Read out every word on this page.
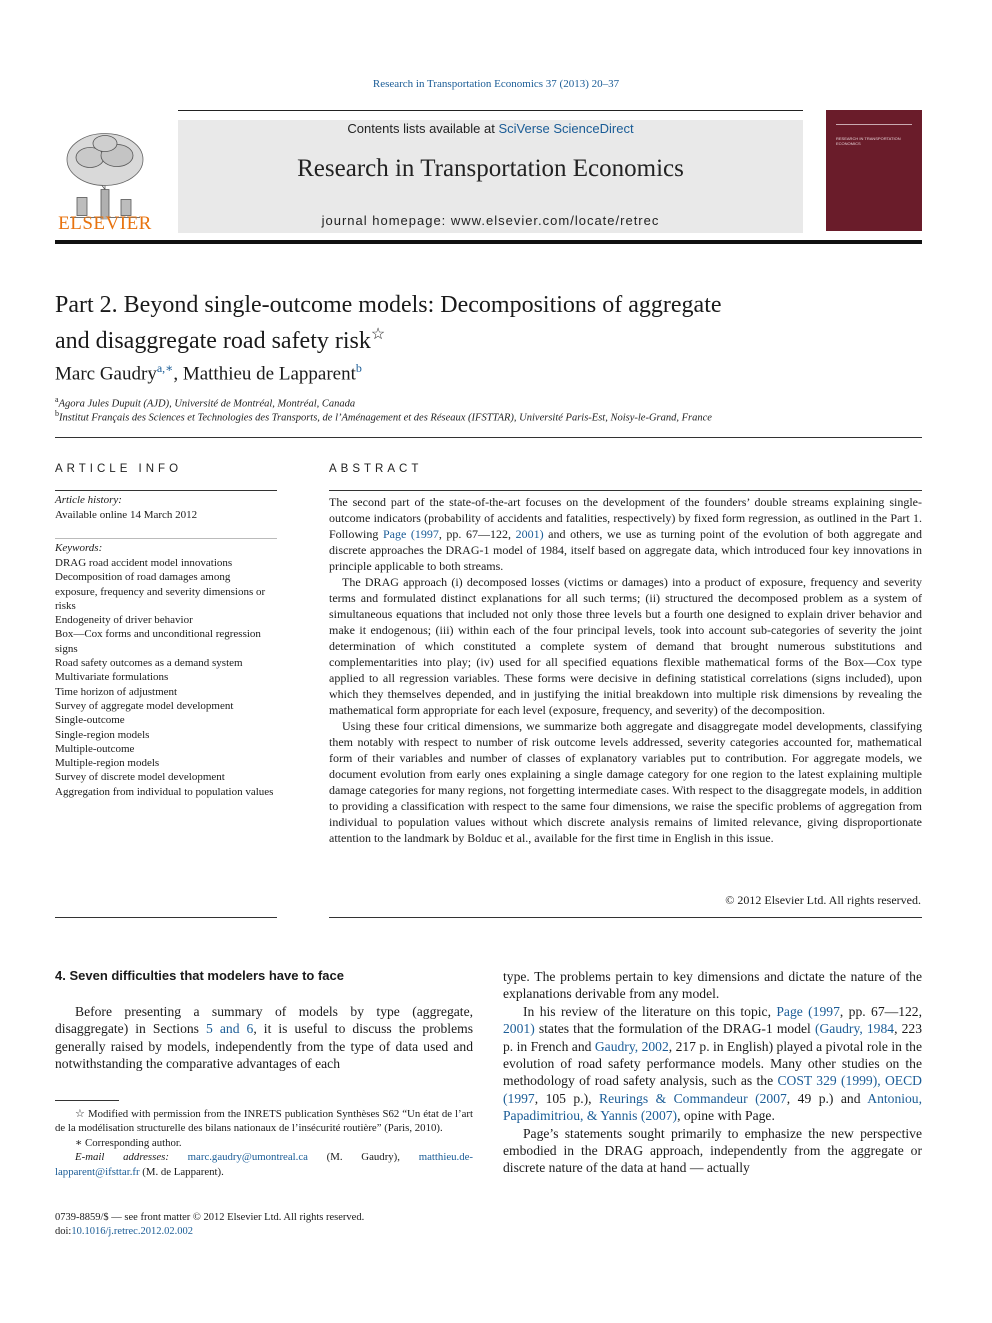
Research in Transportation Economics 37 (2013) 20–37
ELSEVIER
Contents lists available at SciVerse ScienceDirect
Research in Transportation Economics
journal homepage: www.elsevier.com/locate/retrec
RESEARCH IN TRANSPORTATION ECONOMICS
Part 2. Beyond single-outcome models: Decompositions of aggregate
and disaggregate road safety risk☆
Marc Gaudry$^{a,∗}$, Matthieu de Lapparent$^b$
$^a$Agora Jules Dupuit (AJD), Université de Montréal, Montréal, Canada
$^b$Institut Français des Sciences et Technologies des Transports, de l’Aménagement et des Réseaux (IFSTTAR), Université Paris-Est, Noisy-le-Grand, France
ARTICLE INFO	ABSTRACT
Article history:
Available online 14 March 2012
Keywords:
DRAG road accident model innovations
Decomposition of road damages among exposure, frequency and severity dimensions or risks
Endogeneity of driver behavior
Box—Cox forms and unconditional regression signs
Road safety outcomes as a demand system
Multivariate formulations
Time horizon of adjustment
Survey of aggregate model development
Single-outcome
Single-region models
Multiple-outcome
Multiple-region models
Survey of discrete model development
Aggregation from individual to population values

The second part of the state-of-the-art focuses on the development of the founders’ double streams explaining single-outcome indicators (probability of accidents and fatalities, respectively) by fixed form regression, as outlined in the Part 1. Following Page (1997, pp. 67—122, 2001) and others, we use as turning point of the evolution of both aggregate and discrete approaches the DRAG-1 model of 1984, itself based on aggregate data, which introduced four key innovations in principle applicable to both streams.

The DRAG approach (i) decomposed losses (victims or damages) into a product of exposure, frequency and severity terms and formulated distinct explanations for all such terms; (ii) structured the decomposed problem as a system of simultaneous equations that included not only those three levels but a fourth one designed to explain driver behavior and make it endogenous; (iii) within each of the four principal levels, took into account sub-categories of severity the joint determination of which constituted a complete system of demand that brought numerous substitutions and complementarities into play; (iv) used for all specified equations flexible mathematical forms of the Box—Cox type applied to all regression variables. These forms were decisive in defining statistical correlations (signs included), upon which they themselves depended, and in justifying the initial breakdown into multiple risk dimensions by revealing the mathematical form appropriate for each level (exposure, frequency, and severity) of the decomposition.

Using these four critical dimensions, we summarize both aggregate and disaggregate model developments, classifying them notably with respect to number of risk outcome levels addressed, severity categories accounted for, mathematical form of their variables and number of classes of explanatory variables put to contribution. For aggregate models, we document evolution from early ones explaining a single damage category for one region to the latest explaining multiple damage categories for many regions, not forgetting intermediate cases. With respect to the disaggregate models, in addition to providing a classification with respect to the same four dimensions, we raise the specific problems of aggregation from individual to population values without which discrete analysis remains of limited relevance, giving disproportionate attention to the landmark by Bolduc et al., available for the first time in English in this issue.

© 2012 Elsevier Ltd. All rights reserved.
4. Seven difficulties that modelers have to face

Before presenting a summary of models by type (aggregate, disaggregate) in Sections 5 and 6, it is useful to discuss the problems generally raised by models, independently from the type of data used and notwithstanding the comparative advantages of each

type. The problems pertain to key dimensions and dictate the nature of the explanations derivable from any model.

In his review of the literature on this topic, Page (1997, pp. 67—122, 2001) states that the formulation of the DRAG-1 model (Gaudry, 1984, 223 p. in French and Gaudry, 2002, 217 p. in English) played a pivotal role in the evolution of road safety performance models. Many other studies on the methodology of road safety analysis, such as the COST 329 (1999), OECD (1997, 105 p.), Reurings & Commandeur (2007, 49 p.) and Antoniou, Papadimitriou, & Yannis (2007), opine with Page.

Page’s statements sought primarily to emphasize the new perspective embodied in the DRAG approach, independently from the aggregate or discrete nature of the data at hand — actually

☆ Modified with permission from the INRETS publication Synthèses S62 “Un état de l’art de la modélisation structurelle des bilans nationaux de l’insécurité routière” (Paris, 2010).

∗ Corresponding author.

E-mail addresses: marc.gaudry@umontreal.ca (M. Gaudry), matthieu.de-lapparent@ifsttar.fr (M. de Lapparent).

0739-8859/$ — see front matter © 2012 Elsevier Ltd. All rights reserved.
doi:10.1016/j.retrec.2012.02.002
